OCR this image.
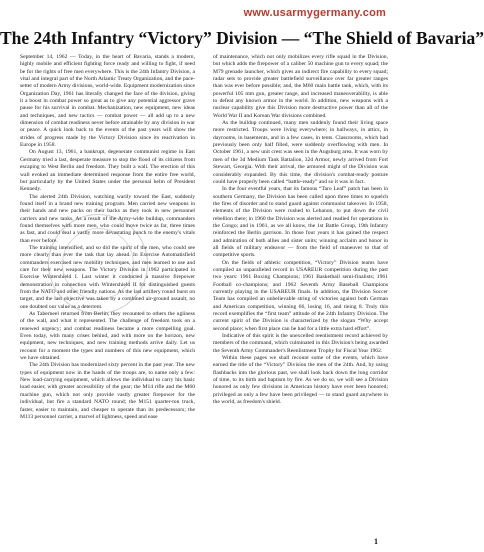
www.usarmygermany.com
The 24th Infantry “Victory” Division — “The Shield of Bavaria”

September 14, 1962 — Today, in the heart of Bavaria, stands a modern, highly mobile and efficient fighting force ready and willing to fight, if need be for the rights of free men everywhere. This is the 24th Infantry Division, a vital and integral part of the North Atlantic Treaty Organization, and the pace-setter of modern Army divisions, world-wide. Equipment modernization since Organization Day, 1961 has literally changed the face of the division, giving it a boost in combat power so great as to give any potential aggressor grave pause for his survival in combat. Mechanization, new equipment, new ideas and techniques, and new tactics — combat power — all add up to a new dimension of combat readiness never before attainable by any division in war or peace. A quick look back to the events of the past years will show the strides of progress made by the Victory Division since its reactivation in Europe in 1958.

On August 13, 1961, a bankrupt, degenerate communist regime in East Germany tried a last, desperate measure to stop the flood of its citizens from escaping to West Berlin and freedom. They built a wall. The erection of this wall evoked an immediate determined response from the entire free world, but particularly by the United States under the personal helm of President Kennedy.

The alerted 24th Division, watching warily toward the East, suddenly found itself in a brand new training program. Men carried new weapons in their hands and new packs on their backs as they took in new personnel carriers and new tanks. As a result of the Army-wide buildup, commanders found themselves with more men, who could move twice as far, three times as fast, and could deal a vastly more devastating punch to the enemy's vitals than ever before.

The training intensified, and so did the spirit of the men, who could see more clearly than ever the task that lay ahead. In Exercise Automatisfield commanders exercised new mobility techniques, and men learned to use and care for their new weapons. The Victory Division in 1962 participated in Exercise Wintershield I. Last winter it conducted a massive firepower demonstration in connection with Wintershield II for distinguished guests from the NATO and other friendly nations. As the last artillery round burst on target, and the last objective was taken by a combined air-ground assault, no one doubted our value as a deterrent.

As Taberneel returned from Berlin, they recounted to others the ugliness of the wall, and what it represented. The challenge of freedom took on a renewed urgency; and combat readiness became a more compelling goal. Even today, with many crises behind, and with more on the horizon, new equipment, new techniques, and new training methods arrive daily. Let us recount for a moment the types and numbers of this new equipment, which we have obtained.

The 24th Division has modernized sixty percent in the past year. The new types of equipment now in the hands of the troops are, to name only a few: New load-carrying equipment, which allows the individual to carry his basic load easier, with greater accessibility of the gear; the M14 rifle and the M60 machine gun, which not only provide vastly greater firepower for the individual, but fire a standard NATO round; the M151 quarter-ton truck, faster, easier to maintain, and cheaper to operate than its predecessors; the M113 personnel carrier, a marvel of lightness, speed and ease

of maintenance, which not only mobilizes every rifle squad in the Division, but which adds the firepower of a caliber 50 machine gun to every squad; the M79 grenade launcher, which gives an indirect fire capability to every squad; radar sets to provide greater battlefield surveillance over far greater ranges than was ever before possible; and, the M60 main battle tank, which, with its powerful 105 mm gun, greater range, and increased maneuverability, is able to defeat any known armor in the world. In addition, new weapons with a nuclear capability give this Division more destructive power than all of the World War II and Korean War divisions combined.

As the buildup continued, many men suddenly found their living space more restricted. Troops were living everywhere; in hallways, in attics, in dayrooms, in basements, and in a few cases, in tents. Classrooms, which had previously been only half filled, were suddenly overflowing with men. In October 1961, a new unit crest was seen in the Augsburg area. It was worn by men of the 3d Medium Tank Battalion, 32d Armor, newly arrived from Fort Stewart, Georgia. With their arrival, the armored might of the Division was considerably expanded. By this time, the division's combat-ready posture could have properly been called “battle-ready” and so it was in fact.

In the four eventful years, that its famous “Taro Leaf” patch has been in southern Germany, the Division has been called upon three times to squelch the fires of disorder and to stand guard against communist takeover. In 1958, elements of the Division were rushed to Lebanon, to put down the civil rebellion there; in 1960 the Division was alerted and readied for operations in the Congo; and in 1961, as we all know, the 1st Battle Group, 19th Infantry reinforced the Berlin garrison. In those four years it has gained the respect and admiration of both allies and sister units; winning acclaim and honor in all fields of military endeavor — from the field of maneuver to that of competitive sports.

On the fields of athletic competition, “Victory” Division teams have compiled an unparalleled record in USAREUR competition during the past two years: 1961 Boxing Champions; 1961 Basketball semi-finalists; 1961 Football co-champions; and 1962 Seventh Army Baseball Champions currently playing in the USAREUR finals. In addition, the Division Soccer Team has compiled an unbelievable string of victories against both German and American competition, winning 66, losing 16, and tieing 8. Truly this record exemplifies the “first team” attitude of the 24th Infantry Division. The current spirit of the Division is characterized by the slogan “Why accept second place; when first place can be had for a little extra hard effort”.

Indicative of this spirit is the unexcelled reenlistment record achieved by members of the command, which culminated in this Division's being awarded the Seventh Army Commander's Reenlistment Trophy for Fiscal Year 1962.

Within these pages we shall recount some of the events, which have earned the title of the “Victory” Division the men of the 24th. And, by using flashbacks into the glorious past, we shall look back down the long corridor of time, to its birth and baptism by fire. As we do so, we will see a Division honored as only few divisions in American history have ever been honored; privileged as only a few have been privileged — to stand guard anywhere in the world, as freedom's shield.

1
